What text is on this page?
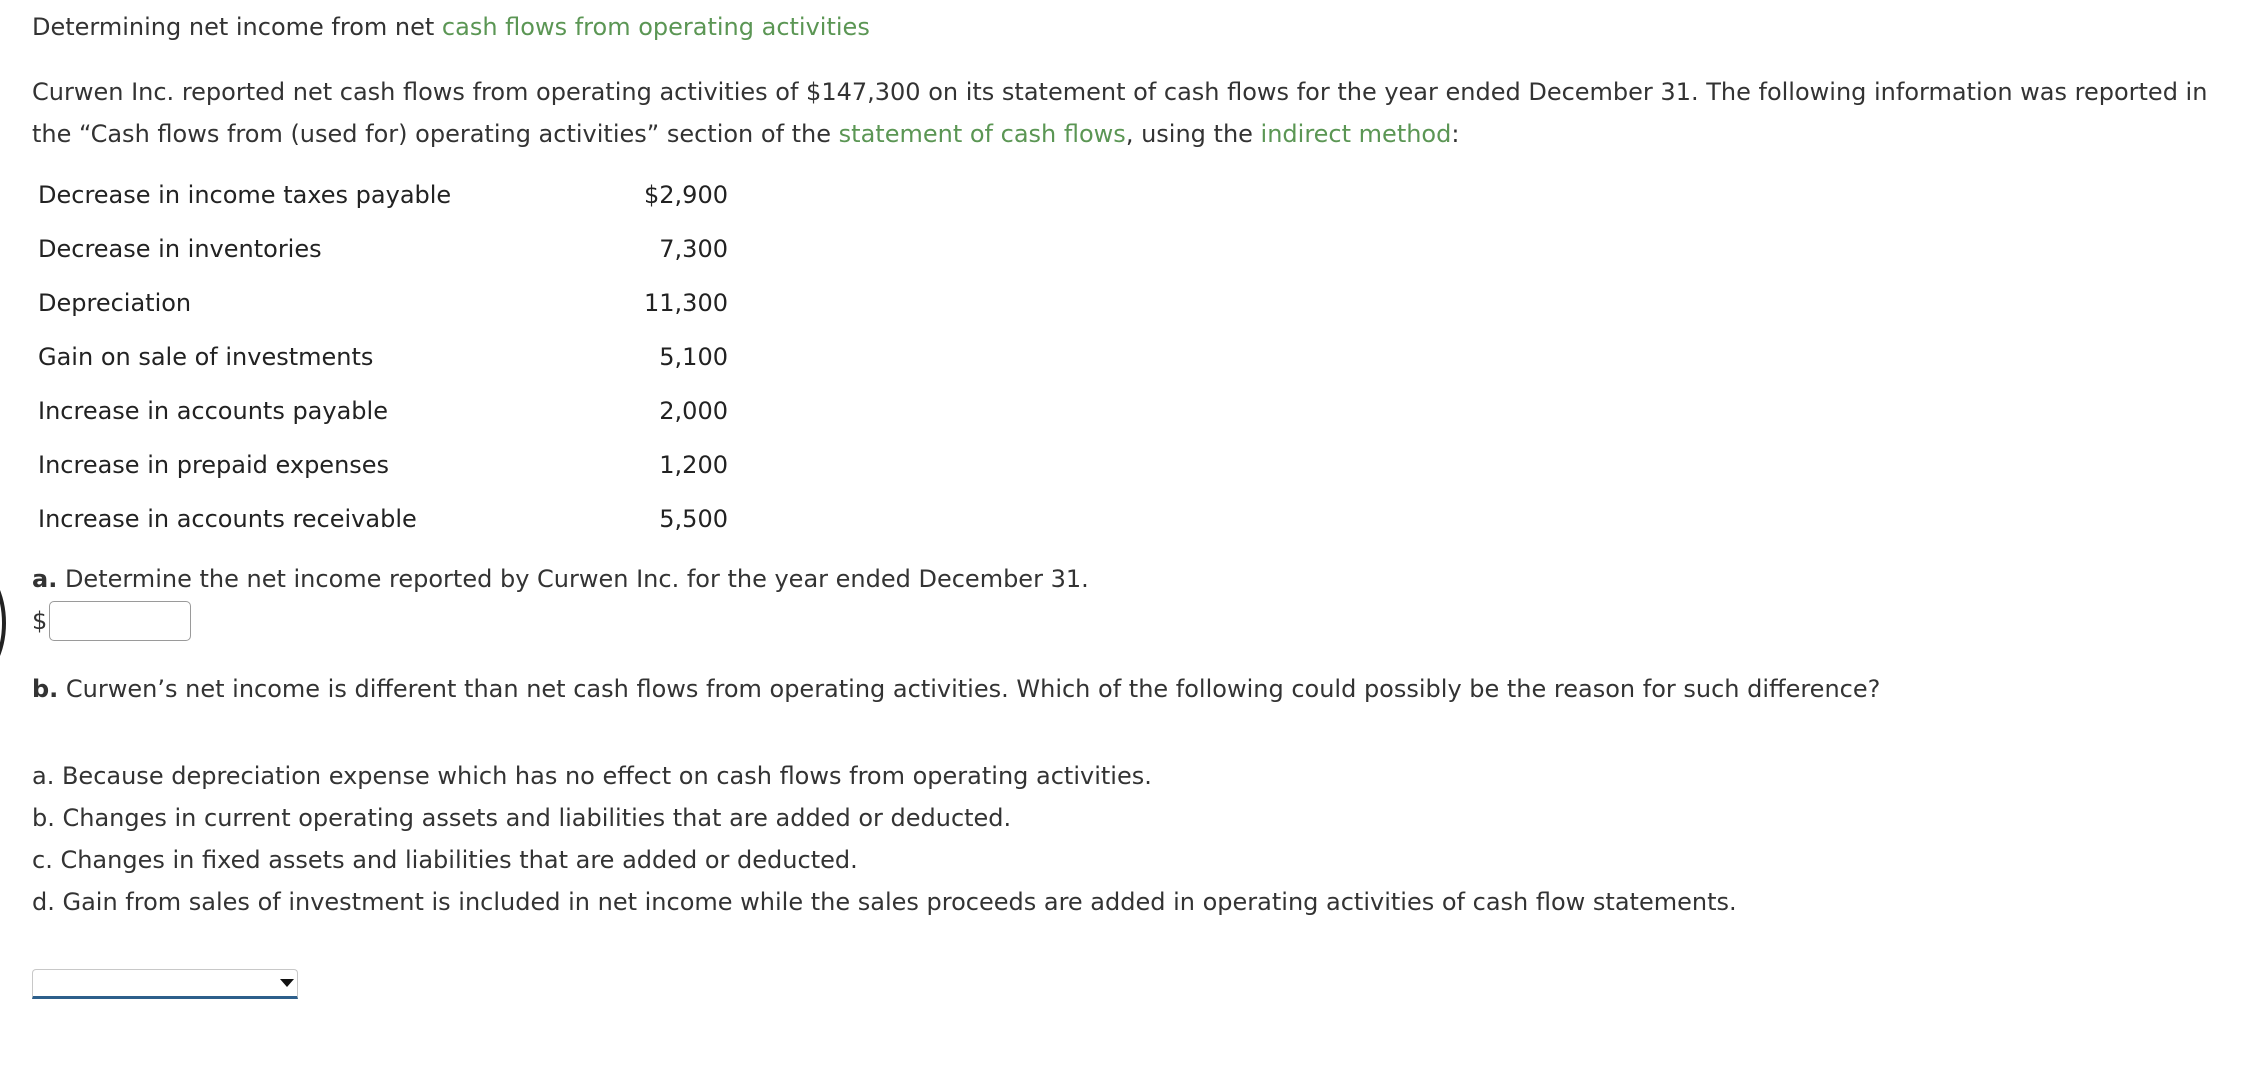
Determining net income from net cash flows from operating activities
Curwen Inc. reported net cash flows from operating activities of $147,300 on its statement of cash flows for the year ended December 31. The following information was reported in
the “Cash flows from (used for) operating activities” section of the statement of cash flows, using the indirect method:
Decrease in income taxes payable	$2,900
Decrease in inventories	7,300
Depreciation	11,300
Gain on sale of investments	5,100
Increase in accounts payable	2,000
Increase in prepaid expenses	1,200
Increase in accounts receivable	5,500
a. Determine the net income reported by Curwen Inc. for the year ended December 31.
$
b. Curwen’s net income is different than net cash flows from operating activities. Which of the following could possibly be the reason for such difference?
a. Because depreciation expense which has no effect on cash flows from operating activities.
b. Changes in current operating assets and liabilities that are added or deducted.
c. Changes in fixed assets and liabilities that are added or deducted.
d. Gain from sales of investment is included in net income while the sales proceeds are added in operating activities of cash flow statements.
